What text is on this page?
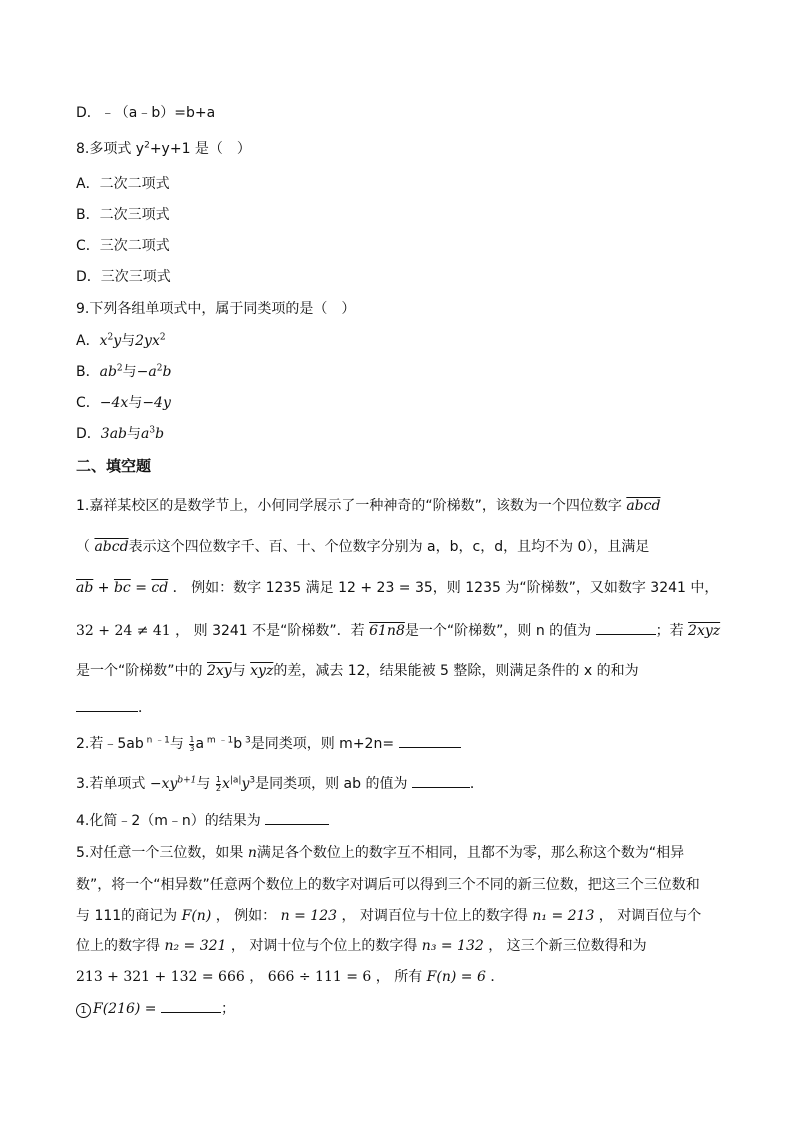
D．﹣（a﹣b）=b+a
8.多项式 $y^2+y+1$ 是（　）
A．二次二项式
B．二次三项式
C．三次二项式
D．三次三项式
9.下列各组单项式中，属于同类项的是（　）
A．$x^2y$与$2yx^2$
B．$ab^2$与$-a^2b$
C．−4x与−4y
D．3ab与$a^3b$
二、填空题
1.嘉祥某校区的是数学节上，小何同学展示了一种神奇的“阶梯数”，该数为一个四位数字 abcd
（ abcd表示这个四位数字千、百、十、个位数字分别为 a，b，c，d，且均不为 0），且满足
$\overline{ab} + \overline{bc} = \overline{cd}$ ． 例如：数字 1235 满足 12 + 23 = 35，则 1235 为“阶梯数”，又如数字 3241 中，
32 + 24 ≠ 41 ， 则 3241 不是“阶梯数”．若 61n8是一个“阶梯数”，则 n 的值为	；若 2xyz
是一个“阶梯数”中的 2xy与 $\overline{xyz}$的差，减去 12，结果能被 5 整除，则满足条件的 x 的和为
．
2.若﹣5ab $^{n ﹣1}$与 $\frac{1}{3}$ a $^{m ﹣1}$b $^3$是同类项，则 m+2n=
3.若单项式 $-xy^{b+1}$与 $\frac{1}{2} x^{|a|}y^3$是同类项，则 ab 的值为	．
4.化简﹣2（m﹣n）的结果为
5.对任意一个三位数，如果 n满足各个数位上的数字互不相同，且都不为零，那么称这个数为“相异
数”，将一个“相异数”任意两个数位上的数字对调后可以得到三个不同的新三位数，把这三个三位数和
与 111的商记为 F(n) ， 例如： n = 123 ， 对调百位与十位上的数字得 n₁ = 213 ， 对调百位与个
位上的数字得 n₂ = 321 ， 对调十位与个位上的数字得 n₃ = 132 ， 这三个新三位数得和为
213 + 321 + 132 = 666 ， 666 ÷ 111 = 6 ， 所有 F(n) = 6 ．
1 F(216) =	；
